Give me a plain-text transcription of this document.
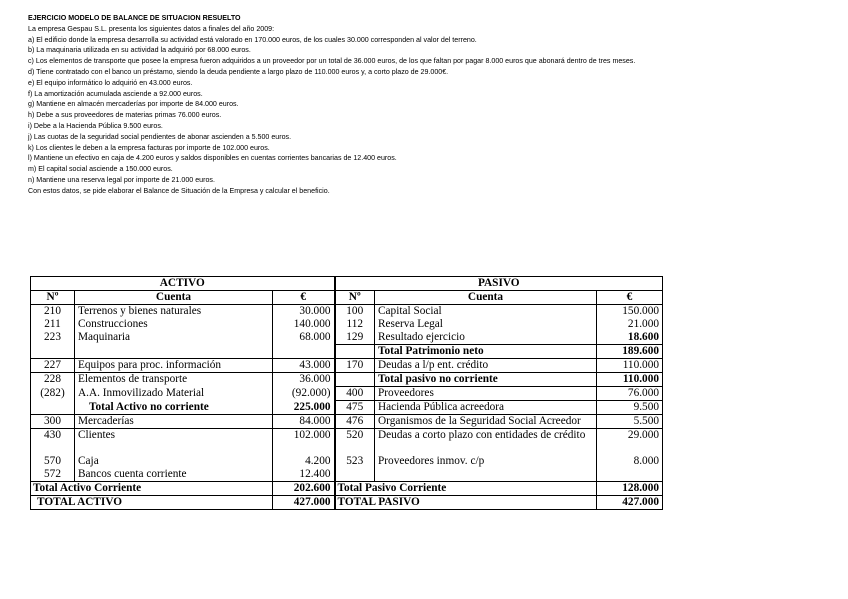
EJERCICIO MODELO DE BALANCE DE SITUACION RESUELTO
La empresa Gespau S.L. presenta los siguientes datos a finales del año 2009:
a) El edificio donde la empresa desarrolla su actividad está valorado en 170.000 euros, de los cuales 30.000 corresponden al valor del terreno.
b) La maquinaria utilizada en su actividad la adquirió por 68.000 euros.
c) Los elementos de transporte que posee la empresa fueron adquiridos a un proveedor por un total de 36.000 euros, de los que faltan por pagar 8.000 euros que abonará dentro de tres meses.
d) Tiene contratado con el banco un préstamo, siendo la deuda pendiente a largo plazo de 110.000 euros y, a corto plazo de 29.000€.
e) El equipo informático lo adquirió en 43.000 euros.
f) La amortización acumulada asciende a 92.000 euros.
g) Mantiene en almacén mercaderías por importe de 84.000 euros.
h) Debe a sus proveedores de materias primas 76.000 euros.
i) Debe a la Hacienda Pública 9.500 euros.
j) Las cuotas de la seguridad social pendientes de abonar ascienden a 5.500 euros.
k) Los clientes le deben a la empresa facturas por importe de 102.000 euros.
l) Mantiene un efectivo en caja de 4.200 euros y saldos disponibles en cuentas corrientes bancarias de 12.400 euros.
m) El capital social asciende a 150.000 euros.
n) Mantiene una reserva legal por importe de 21.000 euros.
Con estos datos, se pide elaborar el Balance de Situación de la Empresa y calcular el beneficio.
ACTIVO			PASIVO		
Nº	Cuenta	€	Nº	Cuenta	€
210	Terrenos y bienes naturales	30.000	100	Capital Social	150.000
211	Construcciones	140.000	112	Reserva Legal	21.000
223	Maquinaria	68.000	129	Resultado ejercicio	18.600
				Total Patrimonio neto	189.600
227	Equipos para proc. información	43.000	170	Deudas a l/p ent. crédito	110.000
228	Elementos de transporte	36.000		Total pasivo no corriente	110.000
(282)	A.A. Inmovilizado Material	(92.000)	400	Proveedores	76.000
	Total Activo no corriente	225.000	475	Hacienda Pública acreedora	9.500
300	Mercaderías	84.000	476	Organismos de la Seguridad Social Acreedor	5.500
430	Clientes	102.000	520	Deudas a corto plazo con entidades de crédito	29.000
570	Caja	4.200	523	Proveedores inmov. c/p	8.000
572	Bancos cuenta corriente	12.400			
Total Activo Corriente		202.600	Total Pasivo Corriente		128.000
TOTAL ACTIVO		427.000	TOTAL PASIVO		427.000
